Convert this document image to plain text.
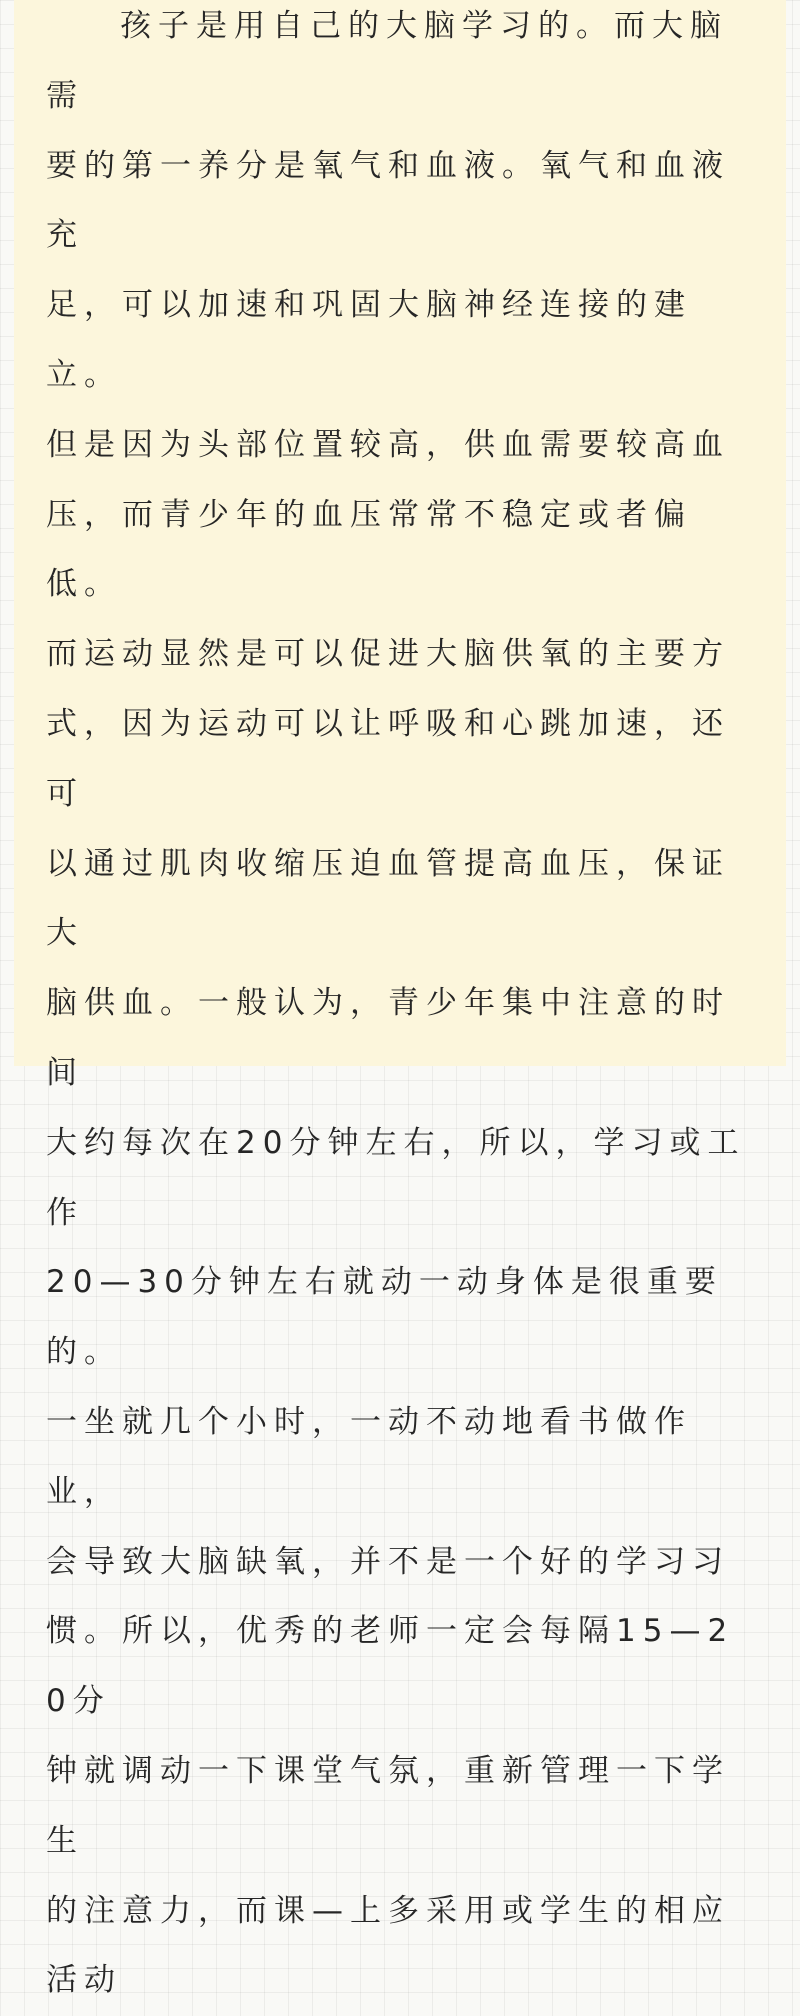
孩子是用自己的大脑学习的。而大脑需
要的第一养分是氧气和血液。氧气和血液充
足，可以加速和巩固大脑神经连接的建立。
但是因为头部位置较高，供血需要较高血
压，而青少年的血压常常不稳定或者偏低。
而运动显然是可以促进大脑供氧的主要方
式，因为运动可以让呼吸和心跳加速，还可
以通过肌肉收缩压迫血管提高血压，保证大
脑供血。一般认为，青少年集中注意的时间
大约每次在20分钟左右，所以，学习或工作
20—30分钟左右就动一动身体是很重要的。
一坐就几个小时，一动不动地看书做作业，
会导致大脑缺氧，并不是一个好的学习习
惯。所以，优秀的老师一定会每隔15—20分
钟就调动一下课堂气氛，重新管理一下学生
的注意力，而课—上多采用或学生的相应活动
